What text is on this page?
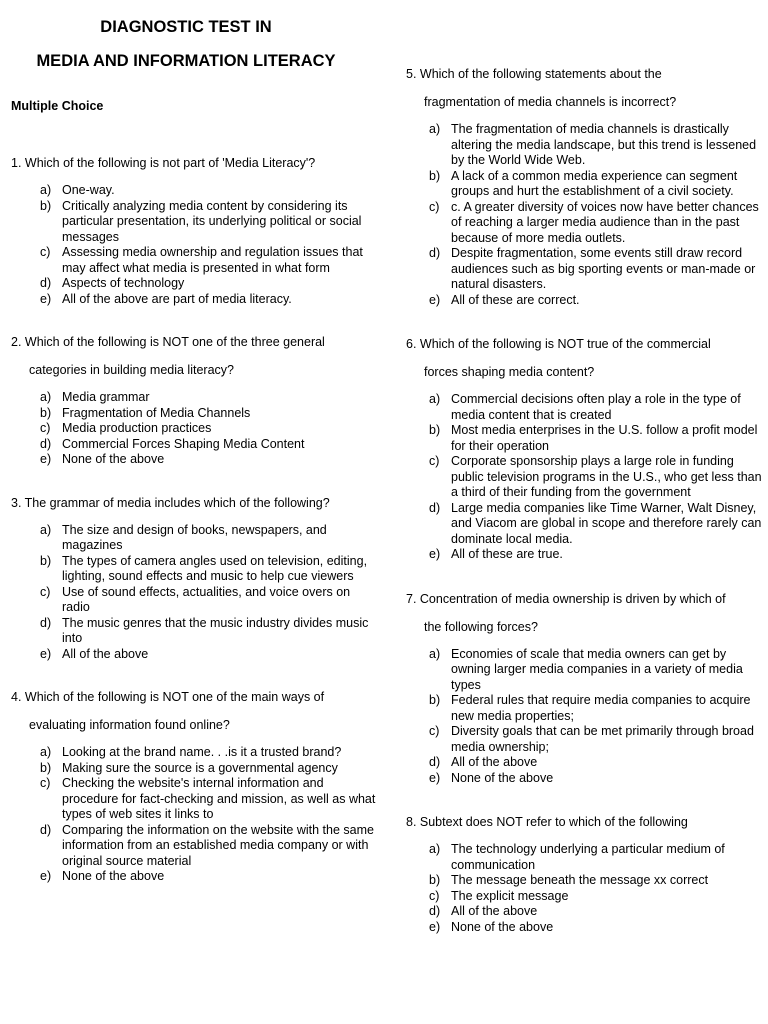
DIAGNOSTIC TEST IN
MEDIA AND INFORMATION LITERACY
Multiple Choice
1. Which of the following is not part of 'Media Literacy'?
a) One-way.
b) Critically analyzing media content by considering its particular presentation, its underlying political or social messages
c) Assessing media ownership and regulation issues that may affect what media is presented in what form
d) Aspects of technology
e) All of the above are part of media literacy.
2. Which of the following is NOT one of the three general
categories in building media literacy?
a) Media grammar
b) Fragmentation of Media Channels
c) Media production practices
d) Commercial Forces Shaping Media Content
e) None of the above
3. The grammar of media includes which of the following?
a) The size and design of books, newspapers, and magazines
b) The types of camera angles used on television, editing, lighting, sound effects and music to help cue viewers
c) Use of sound effects, actualities, and voice overs on radio
d) The music genres that the music industry divides music into
e) All of the above
4. Which of the following is NOT one of the main ways of
evaluating information found online?
a) Looking at the brand name. . .is it a trusted brand?
b) Making sure the source is a governmental agency
c) Checking the website's internal information and procedure for fact-checking and mission, as well as what types of web sites it links to
d) Comparing the information on the website with the same information from an established media company or with original source material
e) None of the above
5. Which of the following statements about the
fragmentation of media channels is incorrect?
a) The fragmentation of media channels is drastically altering the media landscape, but this trend is lessened by the World Wide Web.
b) A lack of a common media experience can segment groups and hurt the establishment of a civil society.
c) c. A greater diversity of voices now have better chances of reaching a larger media audience than in the past because of more media outlets.
d) Despite fragmentation, some events still draw record audiences such as big sporting events or man-made or natural disasters.
e) All of these are correct.
6. Which of the following is NOT true of the commercial
forces shaping media content?
a) Commercial decisions often play a role in the type of media content that is created
b) Most media enterprises in the U.S. follow a profit model for their operation
c) Corporate sponsorship plays a large role in funding public television programs in the U.S., who get less than a third of their funding from the government
d) Large media companies like Time Warner, Walt Disney, and Viacom are global in scope and therefore rarely can dominate local media.
e) All of these are true.
7. Concentration of media ownership is driven by which of
the following forces?
a) Economies of scale that media owners can get by owning larger media companies in a variety of media types
b) Federal rules that require media companies to acquire new media properties;
c) Diversity goals that can be met primarily through broad media ownership;
d) All of the above
e) None of the above
8. Subtext does NOT refer to which of the following
a) The technology underlying a particular medium of communication
b) The message beneath the message xx correct
c) The explicit message
d) All of the above
e) None of the above
